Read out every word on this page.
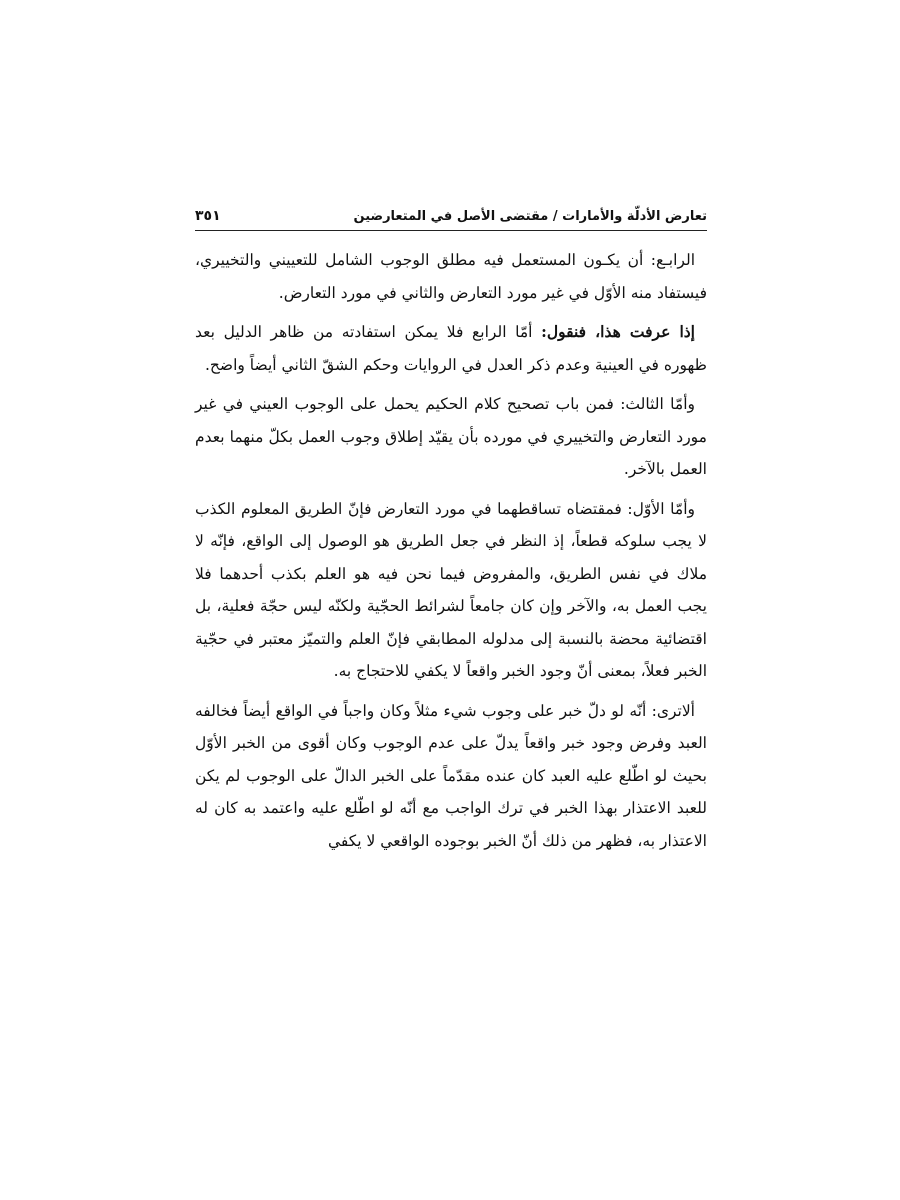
تعارض الأدلّة والأمارات / مقتضى الأصل في المتعارضين
٣٥١

الرابـع: أن يكـون المستعمل فيه مطلق الوجوب الشامل للتعييني والتخييري، فيستفاد منه الأوّل في غير مورد التعارض والثاني في مورد التعارض.

إذا عرفت هذا، فنقول: أمّا الرابع فلا يمكن استفادته من ظاهر الدليل بعد ظهوره في العينية وعدم ذكر العدل في الروايات وحكم الشقّ الثاني أيضاً واضح.

وأمّا الثالث: فمن باب تصحيح كلام الحكيم يحمل على الوجوب العيني في غير مورد التعارض والتخييري في مورده بأن يقيّد إطلاق وجوب العمل بكلّ منهما بعدم العمل بالآخر.

وأمّا الأوّل: فمقتضاه تساقطهما في مورد التعارض فإنّ الطريق المعلوم الكذب لا يجب سلوكه قطعاً، إذ النظر في جعل الطريق هو الوصول إلى الواقع، فإنّه لا ملاك في نفس الطريق، والمفروض فيما نحن فيه هو العلم بكذب أحدهما فلا يجب العمل به، والآخر وإن كان جامعاً لشرائط الحجّية ولكنّه ليس حجّة فعلية، بل اقتضائية محضة بالنسبة إلى مدلوله المطابقي فإنّ العلم والتميّز معتبر في حجّية الخبر فعلاً، بمعنى أنّ وجود الخبر واقعاً لا يكفي للاحتجاج به.

ألاترى: أنّه لو دلّ خبر على وجوب شيء مثلاً وكان واجباً في الواقع أيضاً فخالفه العبد وفرض وجود خبر واقعاً يدلّ على عدم الوجوب وكان أقوى من الخبر الأوّل بحيث لو اطّلع عليه العبد كان عنده مقدّماً على الخبر الدالّ على الوجوب لم يكن للعبد الاعتذار بهذا الخبر في ترك الواجب مع أنّه لو اطّلع عليه واعتمد به كان له الاعتذار به، فظهر من ذلك أنّ الخبر بوجوده الواقعي لا يكفي
